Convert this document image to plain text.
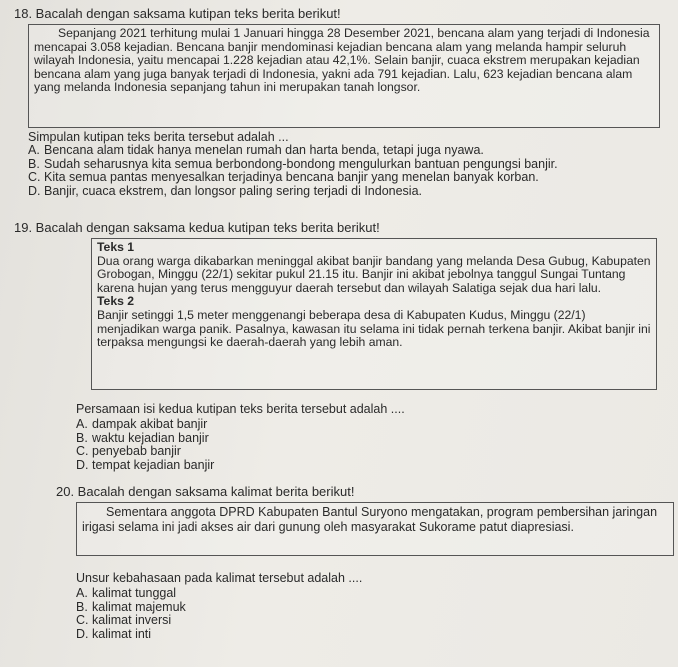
18. Bacalah dengan saksama kutipan teks berita berikut!

Sepanjang 2021 terhitung mulai 1 Januari hingga 28 Desember 2021, bencana alam yang terjadi di Indonesia mencapai 3.058 kejadian. Bencana banjir mendominasi kejadian bencana alam yang melanda hampir seluruh wilayah Indonesia, yaitu mencapai 1.228 kejadian atau 42,1%. Selain banjir, cuaca ekstrem merupakan kejadian bencana alam yang juga banyak terjadi di Indonesia, yakni ada 791 kejadian. Lalu, 623 kejadian bencana alam yang melanda Indonesia sepanjang tahun ini merupakan tanah longsor.

Simpulan kutipan teks berita tersebut adalah ...

A. Bencana alam tidak hanya menelan rumah dan harta benda, tetapi juga nyawa.
B. Sudah seharusnya kita semua berbondong-bondong mengulurkan bantuan pengungsi banjir.
C. Kita semua pantas menyesalkan terjadinya bencana banjir yang menelan banyak korban.
D. Banjir, cuaca ekstrem, dan longsor paling sering terjadi di Indonesia.

19. Bacalah dengan saksama kedua kutipan teks berita berikut!

Teks 1

Dua orang warga dikabarkan meninggal akibat banjir bandang yang melanda Desa Gubug, Kabupaten Grobogan, Minggu (22/1) sekitar pukul 21.15 itu. Banjir ini akibat jebolnya tanggul Sungai Tuntang karena hujan yang terus mengguyur daerah tersebut dan wilayah Salatiga sejak dua hari lalu.

Teks 2

Banjir setinggi 1,5 meter menggenangi beberapa desa di Kabupaten Kudus, Minggu (22/1) menjadikan warga panik. Pasalnya, kawasan itu selama ini tidak pernah terkena banjir. Akibat banjir ini terpaksa mengungsi ke daerah-daerah yang lebih aman.

Persamaan isi kedua kutipan teks berita tersebut adalah ....

A. dampak akibat banjir
B. waktu kejadian banjir
C. penyebab banjir
D. tempat kejadian banjir

20. Bacalah dengan saksama kalimat berita berikut!

Sementara anggota DPRD Kabupaten Bantul Suryono mengatakan, program pembersihan jaringan irigasi selama ini jadi akses air dari gunung oleh masyarakat Sukorame patut diapresiasi.

Unsur kebahasaan pada kalimat tersebut adalah ....

A. kalimat tunggal
B. kalimat majemuk
C. kalimat inversi
D. kalimat inti
